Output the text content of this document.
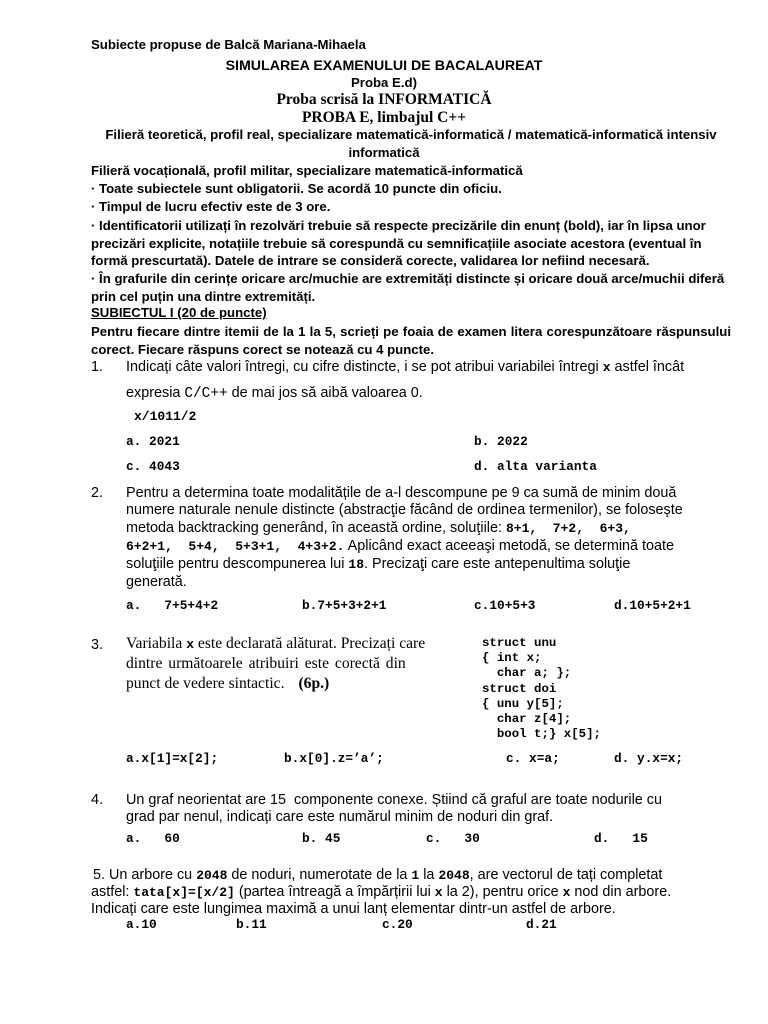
Subiecte propuse de Balcă Mariana-Mihaela
SIMULAREA EXAMENULUI DE BACALAUREAT
Proba E.d)
Proba scrisă la INFORMATICĂ
PROBA E, limbajul C++
Filieră teoretică, profil real, specializare matematică-informatică / matematică-informatică intensiv
informatică
Filieră vocațională, profil militar, specializare matematică-informatică
· Toate subiectele sunt obligatorii. Se acordă 10 puncte din oficiu.
· Timpul de lucru efectiv este de 3 ore.
· Identificatorii utilizați în rezolvări trebuie să respecte precizările din enunț (bold), iar în lipsa unor precizări explicite, notațiile trebuie să corespundă cu semnificațiile asociate acestora (eventual în formă prescurtată). Datele de intrare se consideră corecte, validarea lor nefiind necesară.
· În grafurile din cerințe oricare arc/muchie are extremități distincte și oricare două arce/muchii diferă prin cel puțin una dintre extremități.
SUBIECTUL I (20 de puncte)
Pentru fiecare dintre itemii de la 1 la 5, scrieți pe foaia de examen litera corespunzătoare răspunsului corect. Fiecare răspuns corect se notează cu 4 puncte.
1. Indicați câte valori întregi, cu cifre distincte, i se pot atribui variabilei întregi x astfel încât
expresia C/C++ de mai jos să aibă valoarea 0.
x/1011/2
a. 2021	b. 2022
c. 4043	d. alta varianta
2. Pentru a determina toate modalitățile de a-l descompune pe 9 ca sumă de minim două
numere naturale nenule distincte (abstracţie făcând de ordinea termenilor), se foloseşte
metoda backtracking generând, în această ordine, soluţiile: 8+1,  7+2,  6+3,
6+2+1,  5+4,  5+3+1,  4+3+2. Aplicând exact aceeaşi metodă, se determină toate
soluţiile pentru descompunerea lui 18. Precizaţi care este antepenultima soluţie
generată.
a.   7+5+4+2	b.7+5+3+2+1	c.10+5+3	d.10+5+2+1
3. Variabila x este declarată alăturat. Precizați care
dintre următoarele atribuiri este corectă din
punct de vedere sintactic. (6p.)
struct unu
{ int x;
char a; };
struct doi
{ unu y[5];
char z[4];
bool t;} x[5];
a.x[1]=x[2];	b.x[0].z=’a’;	c. x=a;	d. y.x=x;
4. Un graf neorientat are 15  componente conexe. Știind că graful are toate nodurile cu
grad par nenul, indicați care este numărul minim de noduri din graf.
a.   60	b. 45	c.   30	d.   15
5. Un arbore cu 2048 de noduri, numerotate de la 1 la 2048, are vectorul de tați completat
astfel: tata[x]=[x/2] (partea întreagă a împărțirii lui x la 2), pentru orice x nod din arbore.
Indicați care este lungimea maximă a unui lanț elementar dintr-un astfel de arbore.
a.10	b.11	c.20	d.21
